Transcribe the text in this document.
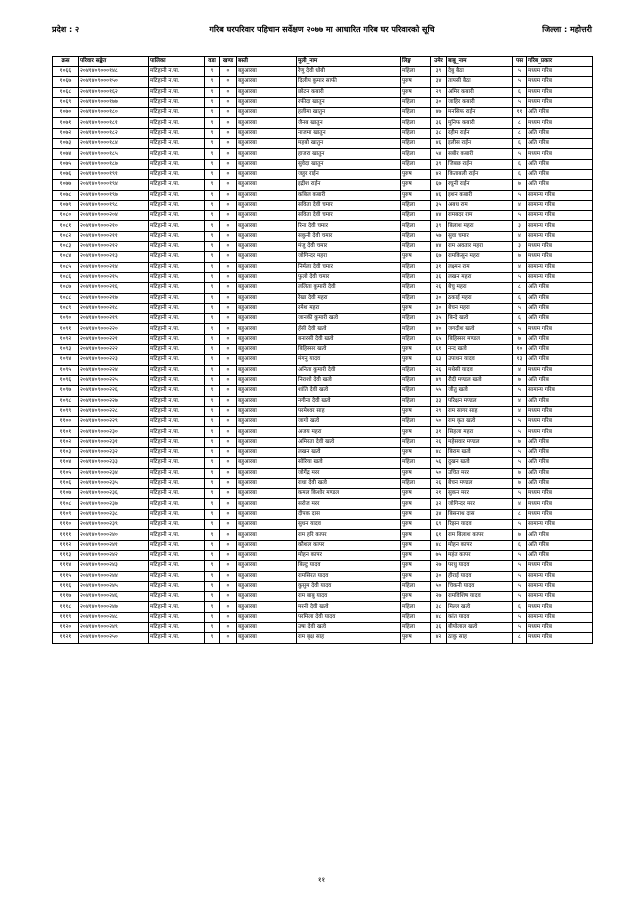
प्रदेश : २	गरिब घरपरिवार पहिचान सर्वेक्षण २०७७ मा आधारित गरिब घर परिवारको सूचि	जिल्ला : महोत्तरी
क्रस	परिवार सङ्केत	पालिका	वडा	खण्ड	बस्ती	मुली_नाम	लिङ्ग	उमेर	बाबु_नाम	पस	गरिब_प्रकार
१०६६	२०४१४०९०००१४८	मटिहानी न.पा.	९	०	बहुआरबा	रेणु देवी धोबी	महिला	३९	देबु बैठा	५	मध्यम गरिब
१०६७	२०४१४०९०००१५०	मटिहानी न.पा.	९	०	बहुआरबा	दिलीप कुमार साफी	पुरुष	३४	तापसी बैठा	५	मध्यम गरिब
१०६८	२०४१४०९०००१६२	मटिहानी न.पा.	९	०	बहुआरबा	छोटन कबारी	पुरुष	२९	अमिर कबारी	६	मध्यम गरिब
१०६९	२०४१४०९०००१७७	मटिहानी न.पा.	९	०	बहुआरबा	रफीदा खातुन	महिला	३०	जाहिर कबारी	५	मध्यम गरिब
१०७०	२०४१४०९०००१८०	मटिहानी न.पा.	९	०	बहुआरबा	हलीमा खातुन	महिला	४७	मनसिफ राईन	११	अति गरिब
१०७१	२०४१४०९०००१८१	मटिहानी न.पा.	९	०	बहुआरबा	जैनब खातुन	महिला	३६	मुनिफ कबारी	८	मध्यम गरिब
१०७२	२०४१४०९०००१८२	मटिहानी न.पा.	९	०	बहुआरबा	नाजमा खातुन	महिला	३८	रहीम राईन	८	अति गरिब
१०७३	२०४१४०९०००१८४	मटिहानी न.पा.	९	०	बहुआरबा	महबो खातुन	महिला	४६	इलीस राईन	६	अति गरिब
१०७४	२०४१४०९०००१८५	मटिहानी न.पा.	९	०	बहुआरबा	हाजरा खातुन	महिला	५४	सबीर कबारी	५	मध्यम गरिब
१०७५	२०४१४०९०००१८७	मटिहानी न.पा.	९	०	बहुआरबा	सुवेदा खातुन	महिला	३९	जिबछ राईन	६	अति गरिब
१०७६	२०४१४०९०००१९१	मटिहानी न.पा.	९	०	बहुआरबा	जहुर राईन	पुरुष	४२	किताबली राईन	६	अति गरिब
१०७७	२०४१४०९०००१९४	मटिहानी न.पा.	९	०	बहुआरबा	इद्रीश राईन	पुरुष	६७	रघुनी राईन	७	अति गरिब
१०७८	२०४१४०९०००१९७	मटिहानी न.पा.	९	०	बहुआरबा	कबिल कबारी	पुरुष	४६	इशन कबारी	५	सामान्य गरिब
१०७९	२०४१४०९०००१९८	मटिहानी न.पा.	९	०	बहुआरबा	सविता देवी चमार	महिला	३५	अबध राम	४	सामान्य गरिब
१०८०	२०४१४०९०००२०४	मटिहानी न.पा.	९	०	बहुआरबा	सविता देवी चमार	महिला	४४	रामबदर राम	५	सामान्य गरिब
१०८१	२०४१४०९०००२१०	मटिहानी न.पा.	९	०	बहुआरबा	रिना देवी चमार	महिला	३९	बिलाश महरा	३	सामान्य गरिब
१०८२	२०४१४०९०००२११	मटिहानी न.पा.	९	०	बहुआरबा	सकुनी देवी चमार	महिला	५७	सुवा चमार	४	सामान्य गरिब
१०८३	२०४१४०९०००२१२	मटिहानी न.पा.	९	०	बहुआरबा	मंजु देवी चमार	महिला	४४	राम अवतार महरा	३	मध्यम गरिब
१०८४	२०४१४०९०००२१३	मटिहानी न.पा.	९	०	बहुआरबा	जोगिन्दर महरा	पुरुष	६७	रामकिसुन महरा	७	मध्यम गरिब
१०८५	२०४१४०९०००२१४	मटिहानी न.पा.	९	०	बहुआरबा	निर्मला देवी चमार	महिला	३१	लक्ष्मन राम	४	सामान्य गरिब
१०८६	२०४१४०९०००२१५	मटिहानी न.पा.	९	०	बहुआरबा	फुलो देवी चमार	महिला	३६	लखन महरा	५	सामान्य गरिब
१०८७	२०४१४०९०००२१६	मटिहानी न.पा.	९	०	बहुआरबा	ललिता कुमारी देवी	महिला	२६	बेचु महरा	८	अति गरिब
१०८८	२०४१४०९०००२१७	मटिहानी न.पा.	९	०	बहुआरबा	रेखा देवी महरा	महिला	३०	ठकाई महरा	६	अति गरिब
१०८९	२०४१४०९०००२१८	मटिहानी न.पा.	९	०	बहुआरबा	रमेश महरा	पुरुष	३०	बेचन महरा	५	अति गरिब
१०९०	२०४१४०९०००२१९	मटिहानी न.पा.	९	०	बहुआरबा	जानकी कुमारी खत्वे	महिला	३५	बिन्दे खत्वे	६	अति गरिब
१०९१	२०४१४०९०००२२०	मटिहानी न.पा.	९	०	बहुआरबा	हँसी देवी खत्वे	महिला	४०	जगदीश खत्वे	५	मध्यम गरिब
१०९२	२०४१४०९०००२२१	मटिहानी न.पा.	९	०	बहुआरबा	बनारसी देवी खत्वे	महिला	६५	बिहिस्सर मण्डल	७	अति गरिब
१०९३	२०४१४०९०००२२२	मटिहानी न.पा.	९	०	बहुआरबा	बिहिस्सर खत्वे	पुरुष	६१	नन्द खत्वे	१०	अति गरिब
१०९४	२०४१४०९०००२२३	मटिहानी न.पा.	९	०	बहुआरबा	मंगनु यादव	पुरुष	६३	उपाधन यादव	१३	अति गरिब
१०९५	२०४१४०९०००२२४	मटिहानी न.पा.	९	०	बहुआरबा	अनिता कुमारी देवी	महिला	२६	मथेसी यादव	४	मध्यम गरिब
१०९६	२०४१४०९०००२२५	मटिहानी न.पा.	९	०	बहुआरबा	निराशो देवी खत्वे	महिला	४९	रौदी मण्डल खत्वे	७	अति गरिब
१०९७	२०४१४०९०००२२६	मटिहानी न.पा.	९	०	बहुआरबा	शांति देवी खत्वे	महिला	५५	जीतु खत्वे	५	सामान्य गरिब
१०९८	२०४१४०९०००२२७	मटिहानी न.पा.	९	०	बहुआरबा	नगीना देवी खत्वे	महिला	३३	परिक्षन मण्डल	४	अति गरिब
१०९९	२०४१४०९०००२२८	मटिहानी न.पा.	९	०	बहुआरबा	परमेश्वर साह	पुरुष	२९	राम सागर साह	४	मध्यम गरिब
११००	२०४१४०९०००२२९	मटिहानी न.पा.	९	०	बहुआरबा	जागो खत्वे	महिला	५०	राम कृत खत्वे	५	मध्यम गरिब
११०१	२०४१४०९०००२३०	मटिहानी न.पा.	९	०	बहुआरबा	अजय महरा	पुरुष	३१	सिहला महरा	५	मध्यम गरिब
११०२	२०४१४०९०००२३१	मटिहानी न.पा.	९	०	बहुआरबा	अमिरता देवी खत्वे	महिला	२६	महेसवार मण्डल	७	अति गरिब
११०३	२०४१४०९०००२३२	मटिहानी न.पा.	९	०	बहुआरबा	लखन खत्वे	पुरुष	४८	बिराम खत्वे	५	अति गरिब
११०४	२०४१४०९०००२३३	मटिहानी न.पा.	९	०	बहुआरबा	सोरिया खत्वे	महिला	५६	दुखन खत्वे	५	अति गरिब
११०५	२०४१४०९०००२३४	मटिहानी न.पा.	९	०	बहुआरबा	जोगेंद्र मरर	पुरुष	५०	उचित मरर	७	अति गरिब
११०६	२०४१४०९०००२३५	मटिहानी न.पा.	९	०	बहुआरबा	राधा देवी खत्वे	महिला	२६	बेचन मण्डल	७	अति गरिब
११०७	२०४१४०९०००२३६	मटिहानी न.पा.	९	०	बहुआरबा	कमल किशोर मण्डल	पुरुष	२१	सुकन मरर	५	मध्यम गरिब
११०८	२०४१४०९०००२३७	मटिहानी न.पा.	९	०	बहुआरबा	सरोज मरर	पुरुष	३२	जोगिन्दर मरर	४	मध्यम गरिब
११०९	२०४१४०९०००२३८	मटिहानी न.पा.	९	०	बहुआरबा	दीपक दास	पुरुष	३४	बिसनाथ दास	८	मध्यम गरिब
१११०	२०४१४०९०००२३९	मटिहानी न.पा.	९	०	बहुआरबा	सुधन यादव	पुरुष	६९	रिझन यादव	५	सामान्य गरिब
११११	२०४१४०९०००२४०	मटिहानी न.पा.	९	०	बहुआरबा	राम हरि कापर	पुरुष	६१	राम बिलाश कापर	७	अति गरिब
१११२	२०४१४०९०००२४१	मटिहानी न.पा.	९	०	बहुआरबा	कौशल कापर	पुरुष	४८	मोहन कापर	६	अति गरिब
१११३	२०४१४०९०००२४२	मटिहानी न.पा.	९	०	बहुआरबा	मोहन कापर	पुरुष	७५	महंत कापर	५	अति गरिब
१११४	२०४१४०९०००२४३	मटिहानी न.पा.	९	०	बहुआरबा	बिल्टु यादव	पुरुष	२७	परधु यादव	५	मध्यम गरिब
१११५	२०४१४०९०००२४४	मटिहानी न.पा.	९	०	बहुआरबा	रामसिरत यादव	पुरुष	३०	हीराई यादव	५	सामान्य गरिब
१११६	२०४१४०९०००२४५	मटिहानी न.पा.	९	०	बहुआरबा	कुसुम देवी यादव	महिला	५०	चिकनी यादव	५	सामान्य गरिब
१११७	२०४१४०९०००२४६	मटिहानी न.पा.	९	०	बहुआरबा	राम बाबु यादव	पुरुष	२७	रामविशिष यादव	५	सामान्य गरिब
१११८	२०४१४०९०००२४७	मटिहानी न.पा.	९	०	बहुआरबा	मरनी देवी खत्वे	महिला	३८	मिल्ल खत्वे	६	मध्यम गरिब
१११९	२०४१४०९०००२४८	मटिहानी न.पा.	९	०	बहुआरबा	परमिला देवी यादव	महिला	४८	कांत यादव	५	सामान्य गरिब
११२०	२०४१४०९०००२४९	मटिहानी न.पा.	९	०	बहुआरबा	उषा देवी खत्वे	महिला	३६	बीपोलाल खत्वे	५	मध्यम गरिब
११२१	२०४१४०९०००२५०	मटिहानी न.पा.	९	०	बहुआरबा	राम बृक्ष साह	पुरुष	४२	ठाकु साह	८	मध्यम गरिब
११
